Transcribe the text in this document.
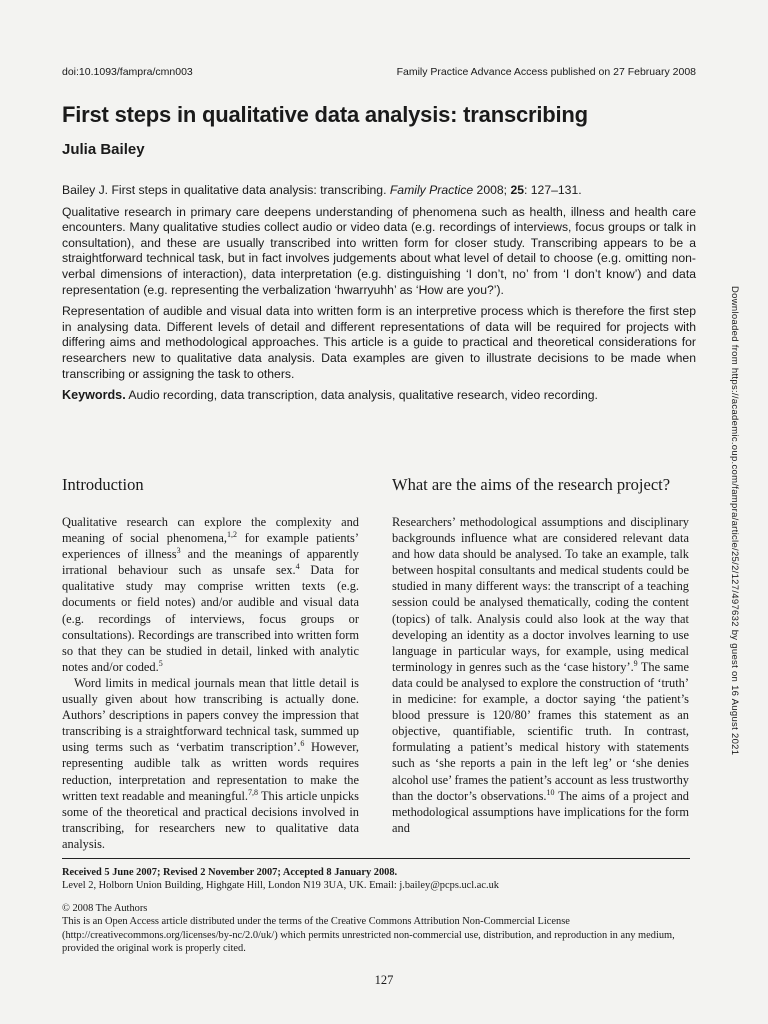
doi:10.1093/fampra/cmn003	Family Practice Advance Access published on 27 February 2008
First steps in qualitative data analysis: transcribing
Julia Bailey

Bailey J. First steps in qualitative data analysis: transcribing. Family Practice 2008; 25: 127–131.

Qualitative research in primary care deepens understanding of phenomena such as health, illness and health care encounters. Many qualitative studies collect audio or video data (e.g. recordings of interviews, focus groups or talk in consultation), and these are usually transcribed into written form for closer study. Transcribing appears to be a straightforward technical task, but in fact involves judgements about what level of detail to choose (e.g. omitting non-verbal dimensions of interaction), data interpretation (e.g. distinguishing ‘I don’t, no’ from ‘I don’t know’) and data representation (e.g. representing the verbalization ‘hwarryuhh’ as ‘How are you?’).

Representation of audible and visual data into written form is an interpretive process which is therefore the first step in analysing data. Different levels of detail and different representations of data will be required for projects with differing aims and methodological approaches. This article is a guide to practical and theoretical considerations for researchers new to qualitative data analysis. Data examples are given to illustrate decisions to be made when transcribing or assigning the task to others.

Keywords. Audio recording, data transcription, data analysis, qualitative research, video recording.

Introduction

Qualitative research can explore the complexity and meaning of social phenomena,$^{1,2}$ for example patients’ experiences of illness$^3$ and the meanings of apparently irrational behaviour such as unsafe sex.$^4$ Data for qualitative study may comprise written texts (e.g. documents or field notes) and/or audible and visual data (e.g. recordings of interviews, focus groups or consultations). Recordings are transcribed into written form so that they can be studied in detail, linked with analytic notes and/or coded.$^5$

Word limits in medical journals mean that little detail is usually given about how transcribing is actually done. Authors’ descriptions in papers convey the impression that transcribing is a straightforward technical task, summed up using terms such as ‘verbatim transcription’.$^6$ However, representing audible talk as written words requires reduction, interpretation and representation to make the written text readable and meaningful.$^{7,8}$ This article unpicks some of the theoretical and practical decisions involved in transcribing, for researchers new to qualitative data analysis.

What are the aims of the research project?

Researchers’ methodological assumptions and disciplinary backgrounds influence what are considered relevant data and how data should be analysed. To take an example, talk between hospital consultants and medical students could be studied in many different ways: the transcript of a teaching session could be analysed thematically, coding the content (topics) of talk. Analysis could also look at the way that developing an identity as a doctor involves learning to use language in particular ways, for example, using medical terminology in genres such as the ‘case history’.$^9$ The same data could be analysed to explore the construction of ‘truth’ in medicine: for example, a doctor saying ‘the patient’s blood pressure is 120/80’ frames this statement as an objective, quantifiable, scientific truth. In contrast, formulating a patient’s medical history with statements such as ‘she reports a pain in the left leg’ or ‘she denies alcohol use’ frames the patient’s account as less trustworthy than the doctor’s observations.$^{10}$ The aims of a project and methodological assumptions have implications for the form and

Received 5 June 2007; Revised 2 November 2007; Accepted 8 January 2008.

Level 2, Holborn Union Building, Highgate Hill, London N19 3UA, UK. Email: j.bailey@pcps.ucl.ac.uk

© 2008 The Authors

This is an Open Access article distributed under the terms of the Creative Commons Attribution Non-Commercial License (http://creativecommons.org/licenses/by-nc/2.0/uk/) which permits unrestricted non-commercial use, distribution, and reproduction in any medium, provided the original work is properly cited.

127
Downloaded from https://academic.oup.com/fampra/article/25/2/127/497632 by guest on 16 August 2021
